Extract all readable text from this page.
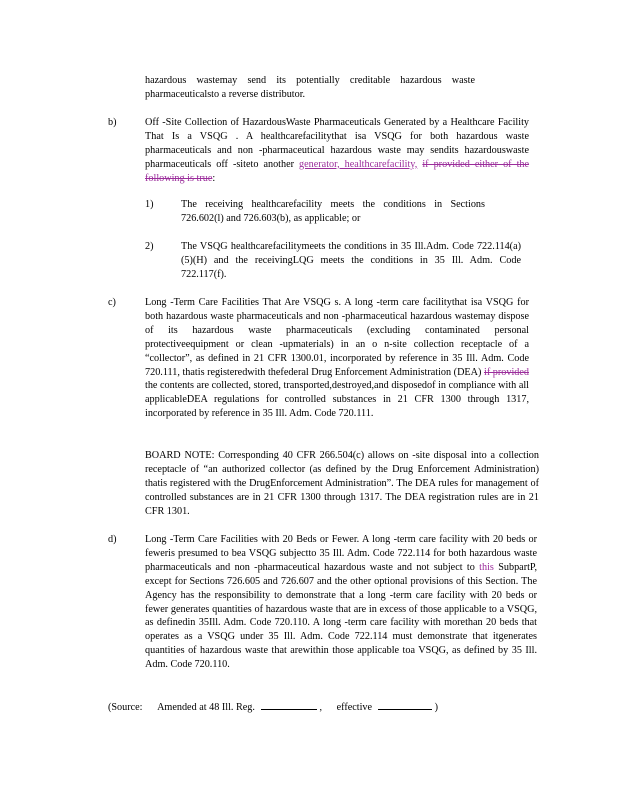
hazardous wastemay send its potentially creditable hazardous waste pharmaceuticalsto a reverse distributor.
b)	Off -Site Collection of HazardousWaste Pharmaceuticals Generated by a Healthcare Facility That Is a VSQG . A healthcarefacilitythat isa VSQG for both hazardous waste pharmaceuticals and non -pharmaceutical hazardous waste may sendits hazardouswaste pharmaceuticals off -siteto another generator, healthcarefacility, if provided either of the following is true:
1)	The receiving healthcarefacility meets the conditions in Sections 726.602(l) and 726.603(b), as applicable; or
2)	The VSQG healthcarefacilitymeets the conditions in 35 Ill.Adm. Code 722.114(a)(5)(H) and the receivingLQG meets the conditions in 35 Ill. Adm. Code 722.117(f).
c)	Long -Term Care Facilities That Are VSQG s. A long -term care facilitythat isa VSQG for both hazardous waste pharmaceuticals and non -pharmaceutical hazardous wastemay dispose of its hazardous waste pharmaceuticals (excluding contaminated personal protectiveequipment or clean -upmaterials) in an o n-site collection receptacle of a “collector”, as defined in 21 CFR 1300.01, incorporated by reference in 35 Ill. Adm. Code 720.111, thatis registeredwith thefederal Drug Enforcement Administration (DEA) if provided the contents are collected, stored, transported,destroyed,and disposedof in compliance with all applicableDEA regulations for controlled substances in 21 CFR 1300 through 1317, incorporated by reference in 35 Ill. Adm. Code 720.111.
BOARD NOTE: Corresponding 40 CFR 266.504(c) allows on -site disposal into a collection receptacle of “an authorized collector (as defined by the Drug Enforcement Administration) thatis registered with the DrugEnforcement Administration”. The DEA rules for management of controlled substances are in 21 CFR 1300 through 1317. The DEA registration rules are in 21 CFR 1301.
d)	Long -Term Care Facilities with 20 Beds or Fewer. A long -term care facility with 20 beds or feweris presumed to bea VSQG subjectto 35 Ill. Adm. Code 722.114 for both hazardous waste pharmaceuticals and non -pharmaceutical hazardous waste and not subject to this SubpartP, except for Sections 726.605 and 726.607 and the other optional provisions of this Section. The Agency has the responsibility to demonstrate that a long -term care facility with 20 beds or fewer generates quantities of hazardous waste that are in excess of those applicable to a VSQG, as definedin 35Ill. Adm. Code 720.110. A long -term care facility with morethan 20 beds that operates as a VSQG under 35 Ill. Adm. Code 722.114 must demonstrate that itgenerates quantities of hazardous waste that arewithin those applicable toa VSQG, as defined by 35 Ill. Adm. Code 720.110.
(Source: Amended at 48 Ill. Reg.	, effective	)
